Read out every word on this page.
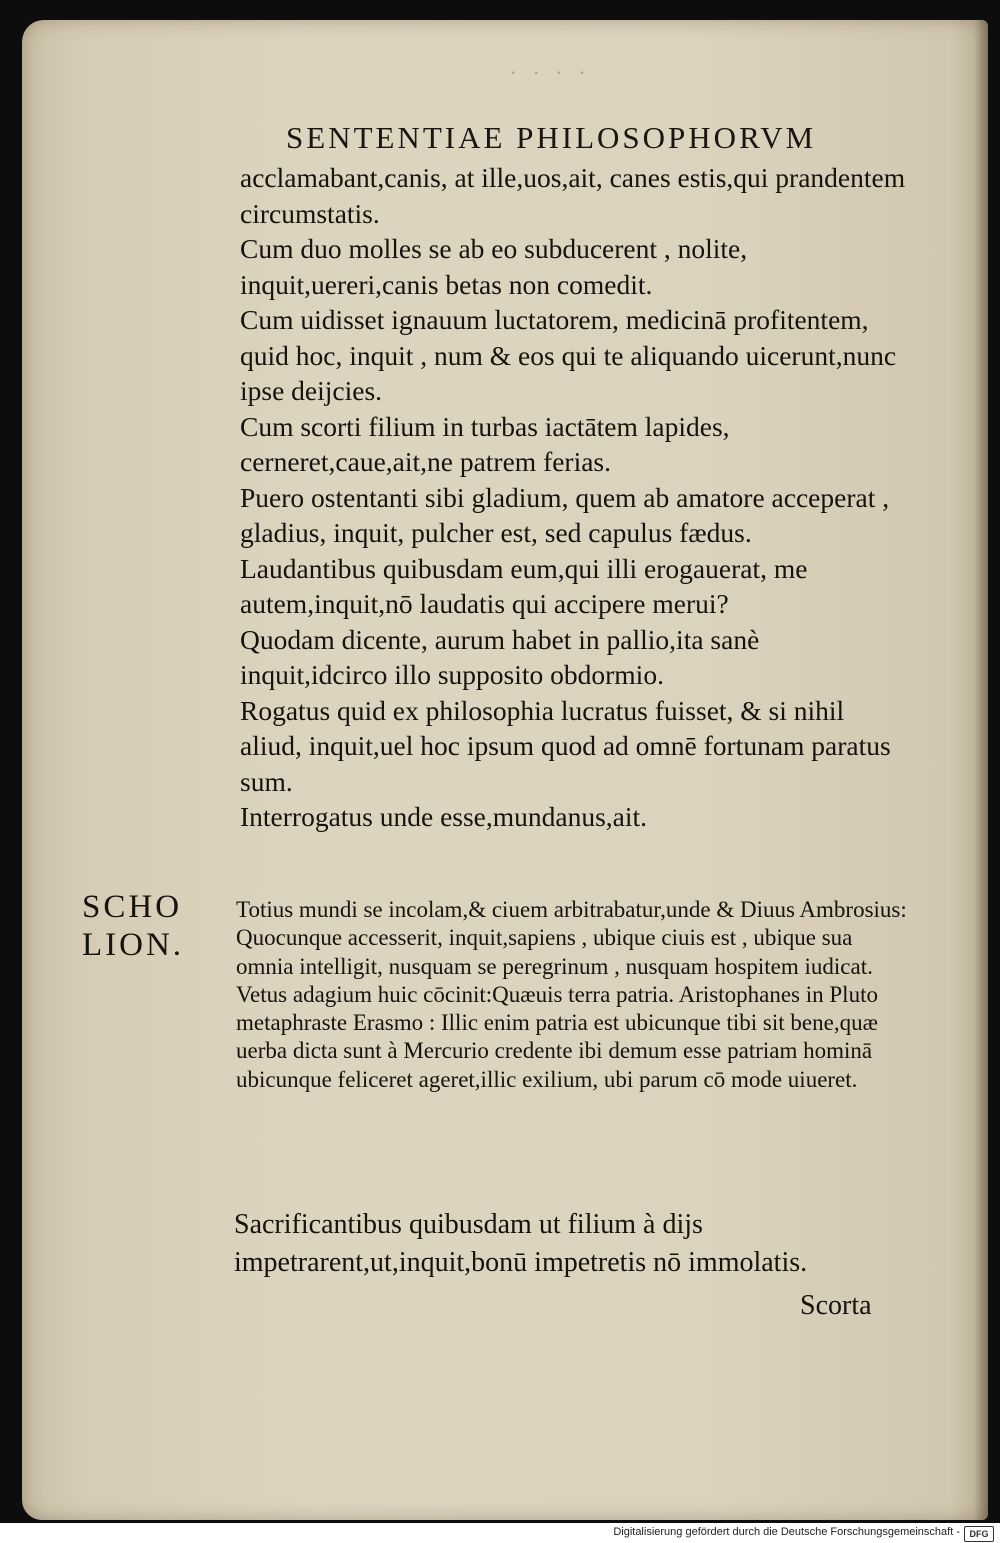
· · · ·
SENTENTIAE PHILOSOPHORVM

acclamabant,canis, at ille,uos,ait, canes estis,qui prandentem circumstatis.

Cum duo molles se ab eo subducerent , nolite, inquit,uereri,canis betas non comedit.

Cum uidisset ignauum luctatorem, medicinā profitentem, quid hoc, inquit , num & eos qui te aliquando uicerunt,nunc ipse deijcies.

Cum scorti filium in turbas iactātem lapides, cerneret,caue,ait,ne patrem ferias.

Puero ostentanti sibi gladium, quem ab amatore acceperat , gladius, inquit, pulcher est, sed capulus fædus.

Laudantibus quibusdam eum,qui illi erogauerat, me autem,inquit,nō laudatis qui accipere merui?

Quodam dicente, aurum habet in pallio,ita sanè inquit,idcirco illo supposito obdormio.

Rogatus quid ex philosophia lucratus fuisset, & si nihil aliud, inquit,uel hoc ipsum quod ad omnē fortunam paratus sum.

Interrogatus unde esse,mundanus,ait.

SCHO LION.
Totius mundi se incolam,& ciuem arbitrabatur,unde & Diuus Ambrosius: Quocunque accesserit, inquit,sapiens , ubique ciuis est , ubique sua omnia intelligit, nusquam se peregrinum , nusquam hospitem iudicat. Vetus adagium huic cōcinit:Quæuis terra patria. Aristophanes in Pluto metaphraste Erasmo : Illic enim patria est ubicunque tibi sit bene,quæ uerba dicta sunt à Mercurio credente ibi demum esse patriam hominā ubicunque feliceret ageret,illic exilium, ubi parum cō mode uiueret.
Sacrificantibus quibusdam ut filium à dijs impetrarent,ut,inquit,bonū impetretis nō immolatis.
Scorta
Digitalisierung gefördert durch die Deutsche Forschungsgemeinschaft -	DFG
